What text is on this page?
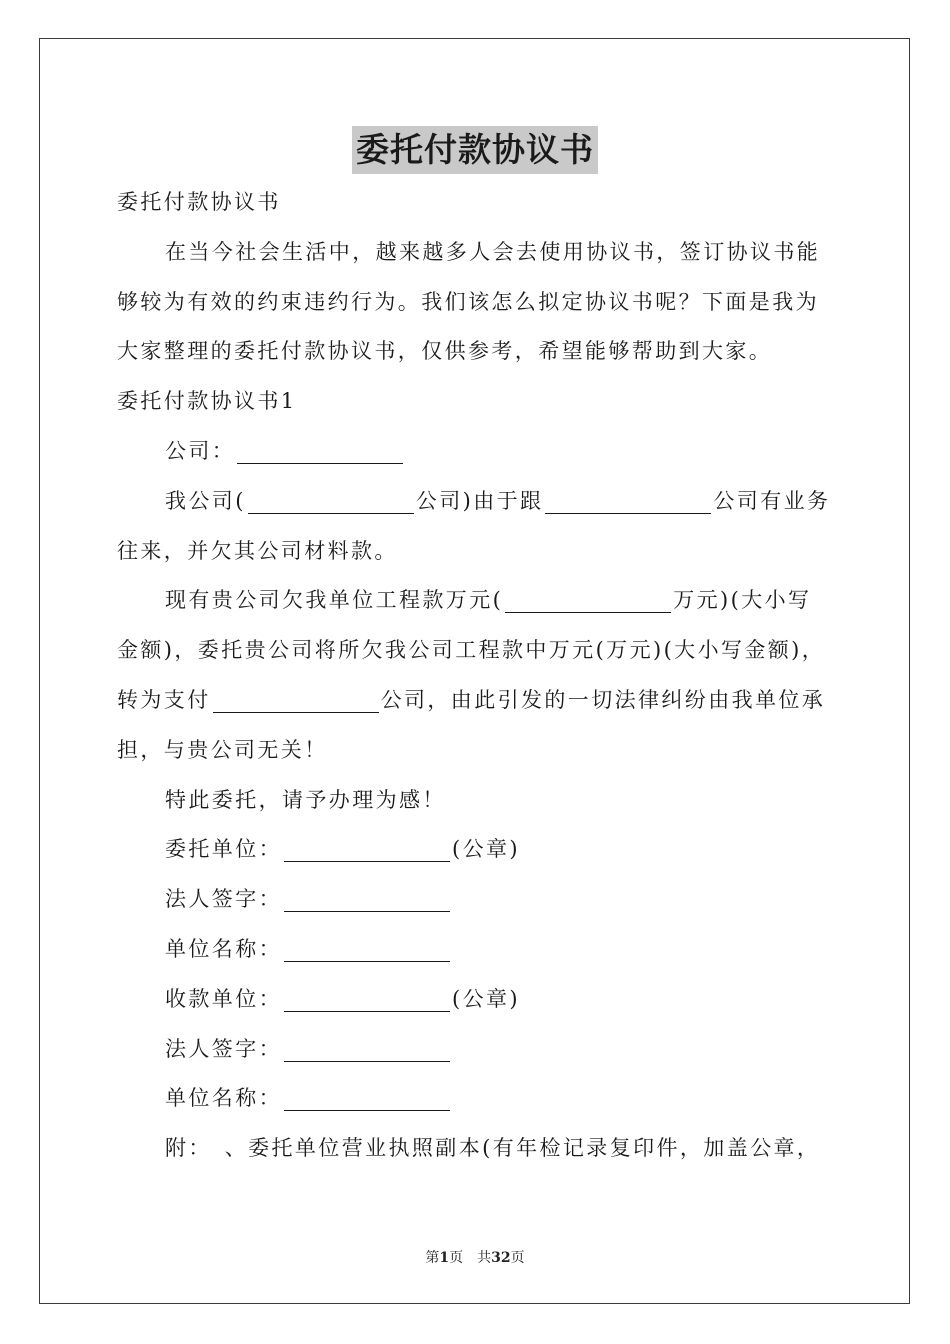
委托付款协议书
委托付款协议书
在当今社会生活中，越来越多人会去使用协议书，签订协议书能
够较为有效的约束违约行为。我们该怎么拟定协议书呢？下面是我为
大家整理的委托付款协议书，仅供参考，希望能够帮助到大家。
委托付款协议书1
公司：
我公司(	公司)由于跟	公司有业务
往来，并欠其公司材料款。
现有贵公司欠我单位工程款万元(	万元)(大小写
金额)，委托贵公司将所欠我公司工程款中万元(万元)(大小写金额)，
转为支付	公司，由此引发的一切法律纠纷由我单位承
担，与贵公司无关！
特此委托，请予办理为感！
委托单位：	(公章)
法人签字：
单位名称：
收款单位：	(公章)
法人签字：
单位名称：
附：　、委托单位营业执照副本(有年检记录复印件，加盖公章，
第1页　共32页
